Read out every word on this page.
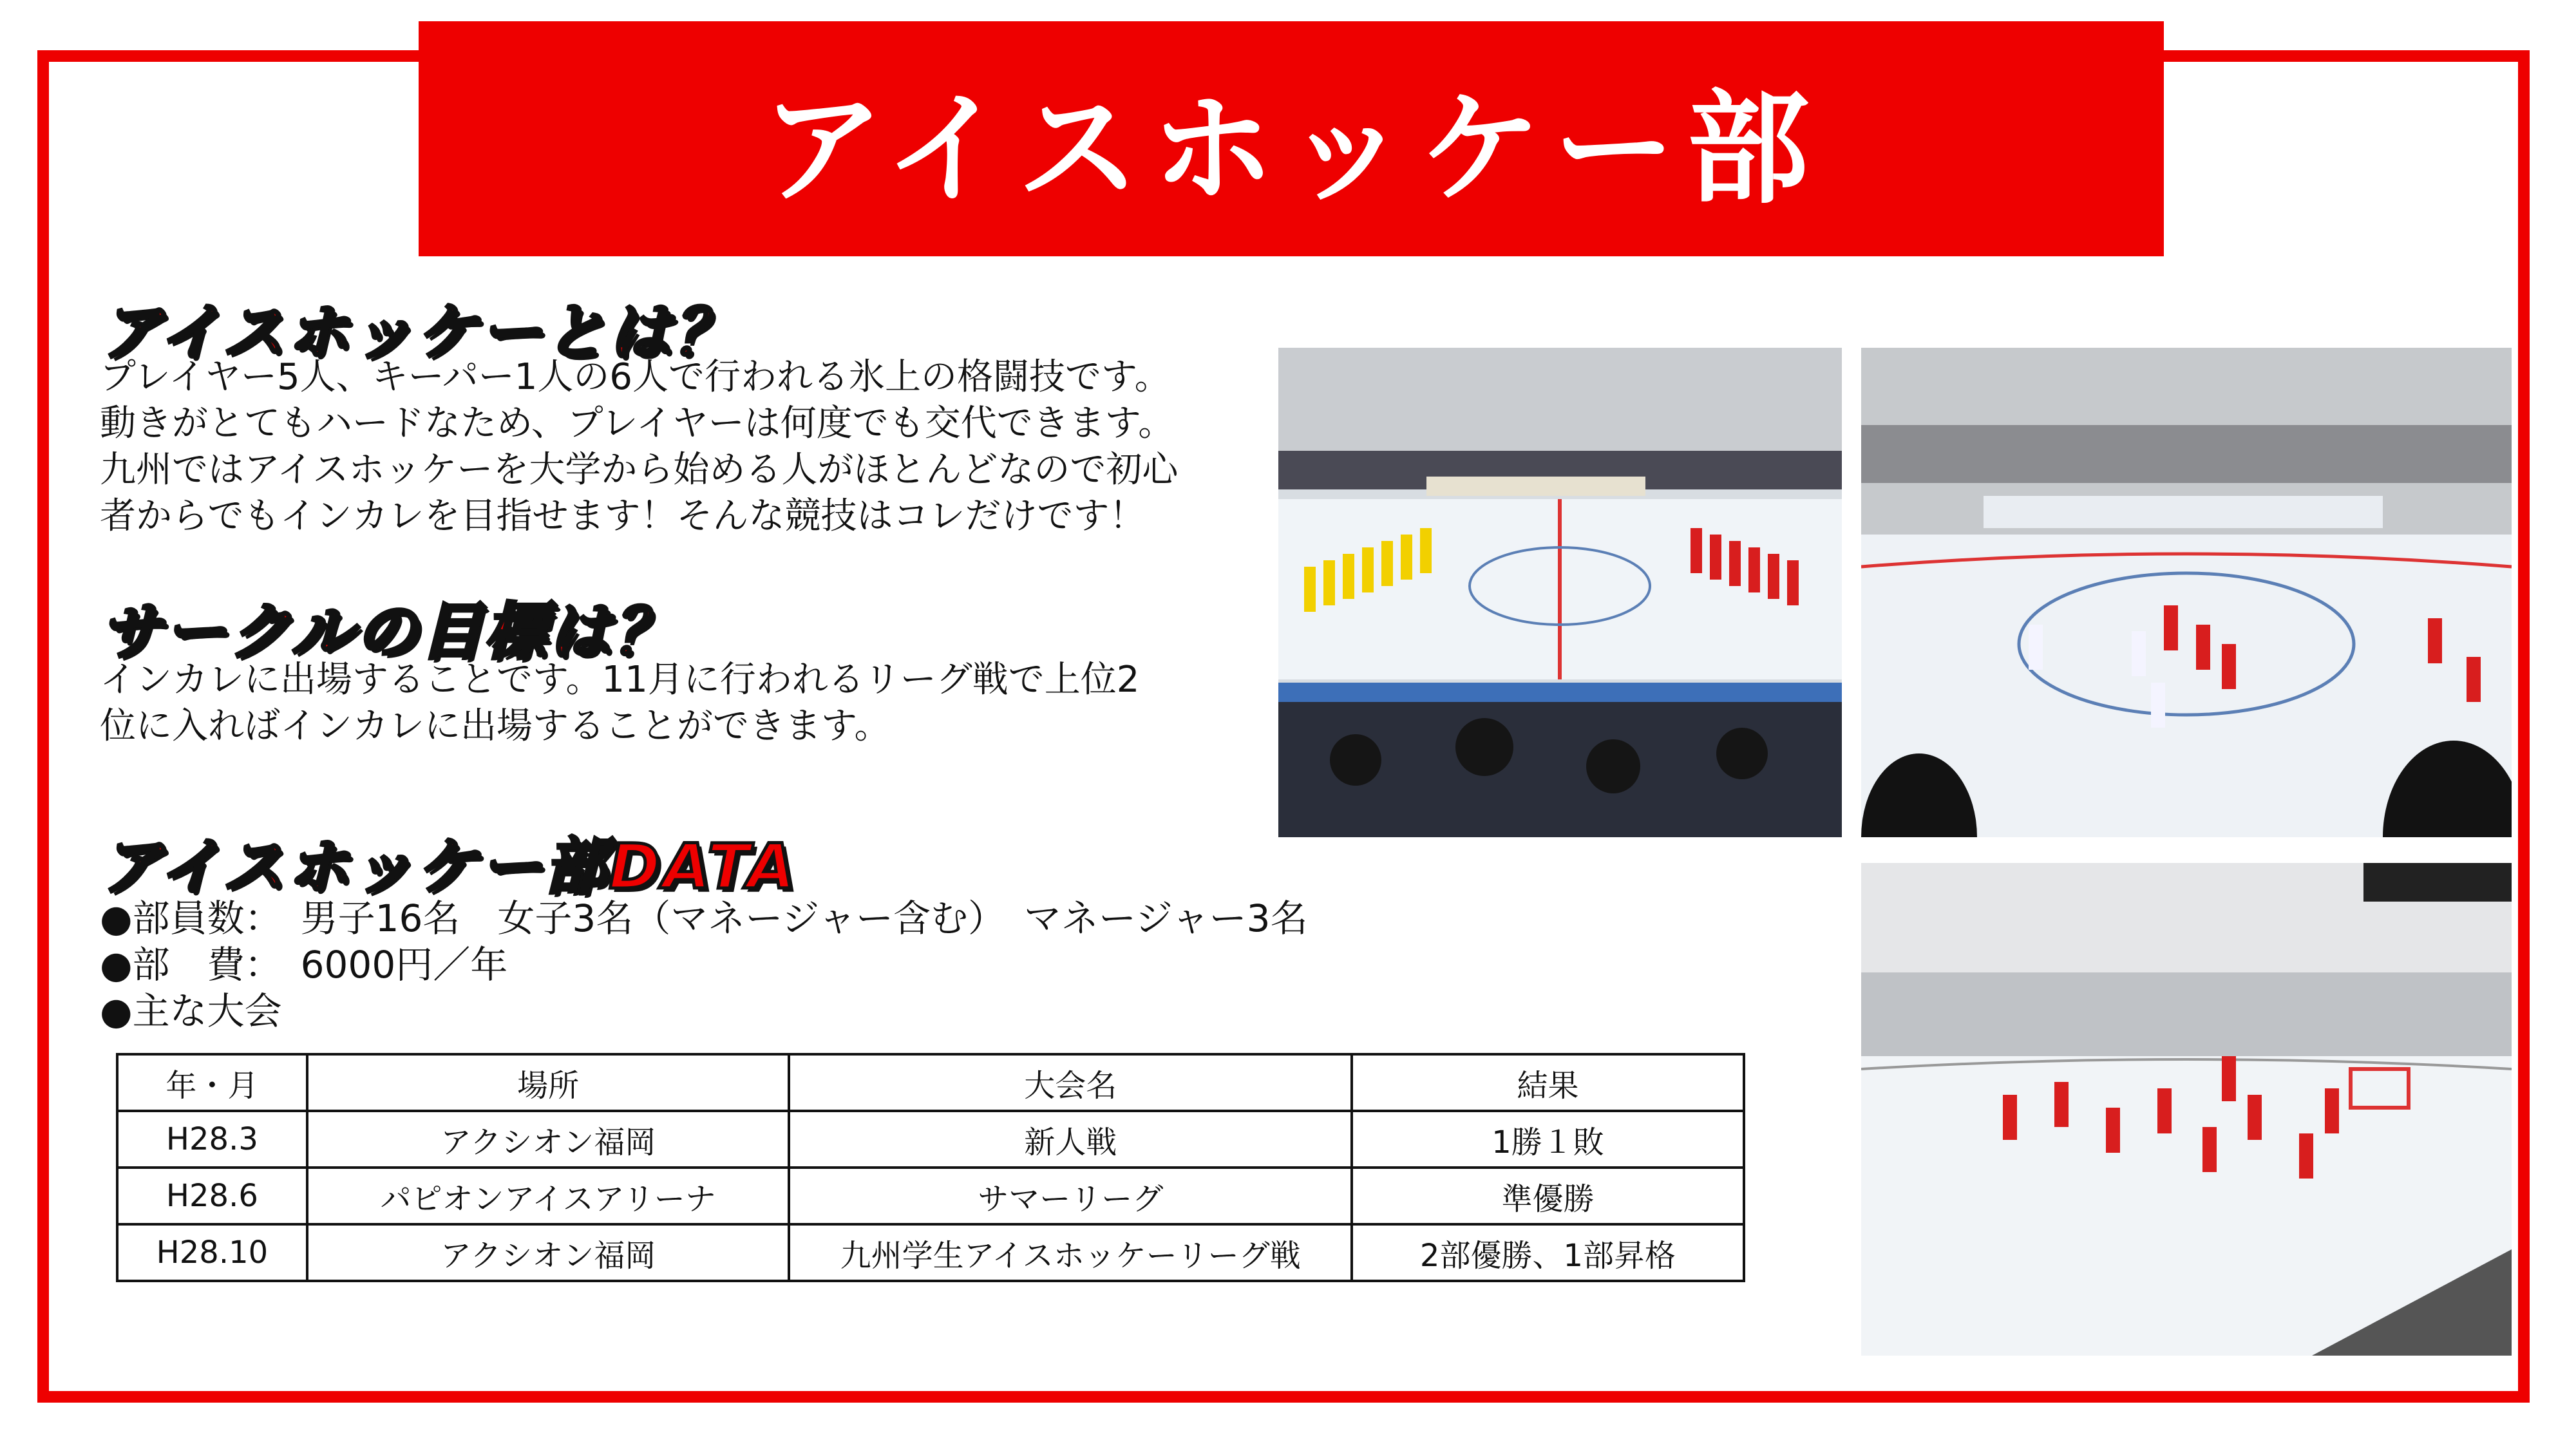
アイスホッケー部
アイスホッケーとは？

プレイヤー5人、キーパー1人の6人で行われる氷上の格闘技です。

動きがとてもハードなため、プレイヤーは何度でも交代できます。

九州ではアイスホッケーを大学から始める人がほとんどなので初心

者からでもインカレを目指せます！そんな競技はコレだけです！

サークルの目標は？

インカレに出場することです。11月に行われるリーグ戦で上位2

位に入ればインカレに出場することができます。

アイスホッケー部DATA
●部員数：　男子16名　女子3名（マネージャー含む）　マネージャー3名
●部　費：　6000円／年
●主な大会
年・月	場所	大会名	結果
H28.3	アクシオン福岡	新人戦	1勝１敗
H28.6	パピオンアイスアリーナ	サマーリーグ	準優勝
H28.10	アクシオン福岡	九州学生アイスホッケーリーグ戦	2部優勝、1部昇格
